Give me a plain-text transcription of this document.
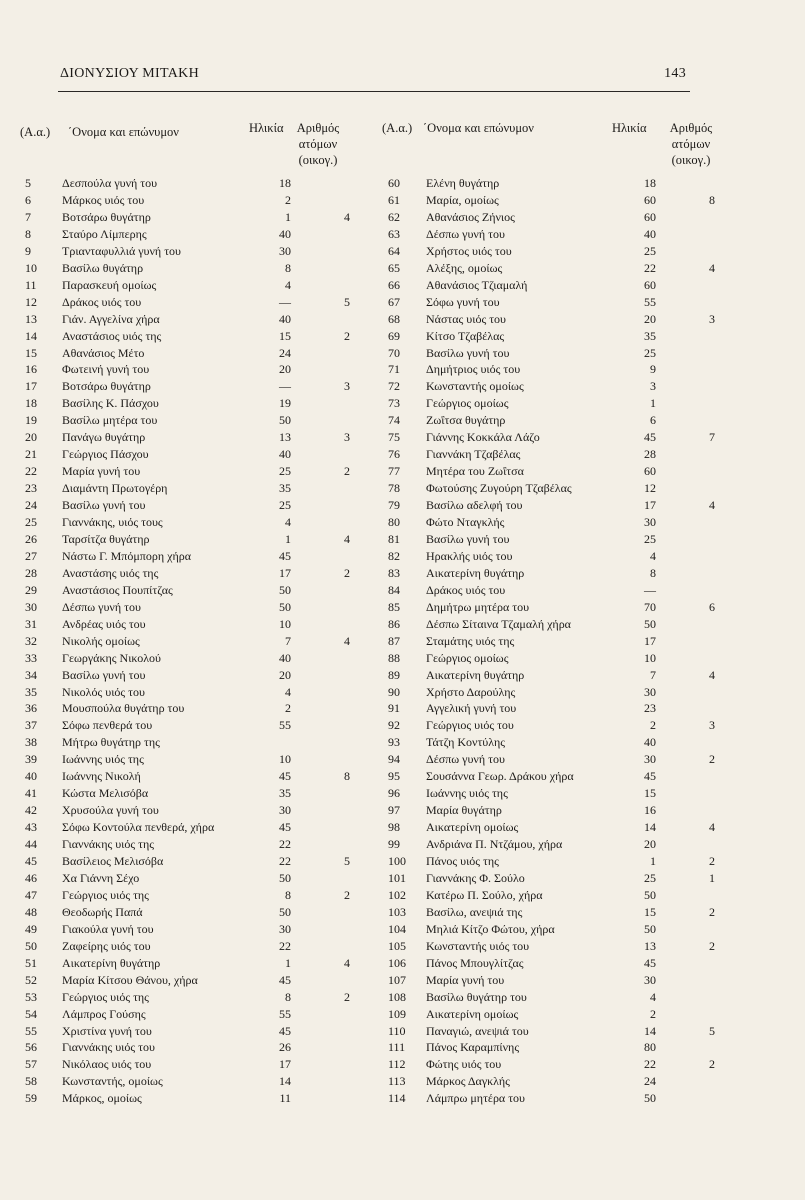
ΔΙΟΝΥΣΙΟΥ ΜΙΤΑΚΗ	143
(Α.α.) ΄Ονομα και επώνυμον	Ηλικία	Αριθμός
ατόμων
(οικογ.)
5	Δεσπούλα γυνή του	18
6	Μάρκος υιός του	2
7	Βοτσάρω θυγάτηρ	1	4
8	Σταύρο Λίμπερης	40
9	Τριανταφυλλιά γυνή του	30
10 Βασίλω θυγάτηρ	8
11 Παρασκευή ομοίως	4
12 Δράκος υιός του	—	5
13 Γιάν. Αγγελίνα χήρα	40
14 Αναστάσιος υιός της	15	2
15 Αθανάσιος Μέτο	24
16 Φωτεινή γυνή του	20
17 Βοτσάρω θυγάτηρ	—	3
18 Βασίλης Κ. Πάσχου	19
19 Βασίλω μητέρα του	50
20 Πανάγω θυγάτηρ	13	3
21 Γεώργιος Πάσχου	40
22 Μαρία γυνή του	25	2
23 Διαμάντη Πρωτογέρη	35
24 Βασίλω γυνή του	25
25 Γιαννάκης, υιός τους	4
26 Ταρσίτζα θυγάτηρ	1	4
27 Νάστω Γ. Μπόμπορη χήρα	45
28 Αναστάσης υιός της	17	2
29 Αναστάσιος Πουπίτζας	50
30 Δέσπω γυνή του	50
31 Ανδρέας υιός του	10
32 Νικολής ομοίως	7	4
33 Γεωργάκης Νικολού	40
34 Βασίλω γυνή του	20
35 Νικολός υιός του	4
36 Μουσπούλα θυγάτηρ του	2
37 Σόφω πενθερά του	55
38 Μήτρω θυγάτηρ της
39 Ιωάννης υιός της	10
40 Ιωάννης Νικολή	45	8
41 Κώστα Μελισόβα	35
42 Χρυσούλα γυνή του	30
43 Σόφω Κοντούλα πενθερά, χήρα	45
44 Γιαννάκης υιός της	22
45 Βασίλειος Μελισόβα	22	5
46 Χα Γιάννη Σέχο	50
47 Γεώργιος υιός της	8	2
48 Θεοδωρής Παπά	50
49 Γιακούλα γυνή του	30
50 Ζαφείρης υιός του	22
51 Αικατερίνη θυγάτηρ	1	4
52 Μαρία Κίτσου Θάνου, χήρα	45
53 Γεώργιος υιός της	8	2
54 Λάμπρος Γούσης	55
55 Χριστίνα γυνή του	45
56 Γιαννάκης υιός του	26
57 Νικόλαος υιός του	17
58 Κωνσταντής, ομοίως	14
59 Μάρκος, ομοίως	11
(Α.α.) ΄Ονομα και επώνυμον	Ηλικία	Αριθμός
ατόμων
(οικογ.)
60 Ελένη θυγάτηρ	18
61 Μαρία, ομοίως	60	8
62 Αθανάσιος Ζήνιος	60
63 Δέσπω γυνή του	40
64 Χρήστος υιός του	25
65 Αλέξης, ομοίως	22	4
66 Αθανάσιος Τζιαμαλή	60
67 Σόφω γυνή του	55
68 Νάστας υιός του	20	3
69 Κίτσο Τζαβέλας	35
70 Βασίλω γυνή του	25
71 Δημήτριος υιός του	9
72 Κωνσταντής ομοίως	3
73 Γεώργιος ομοίως	1
74 Ζωΐτσα θυγάτηρ	6
75 Γιάννης Κοκκάλα Λάζο	45	7
76 Γιαννάκη Τζαβέλας	28
77 Μητέρα του Ζωΐτσα	60
78 Φωτούσης Ζυγούρη Τζαβέλας	12
79 Βασίλω αδελφή του	17	4
80 Φώτο Νταγκλής	30
81 Βασίλω γυνή του	25
82 Ηρακλής υιός του	4
83 Αικατερίνη θυγάτηρ	8
84 Δράκος υιός του	—
85 Δημήτρω μητέρα του	70	6
86 Δέσπω Σίταινα Τζαμαλή χήρα	50
87 Σταμάτης υιός της	17
88 Γεώργιος ομοίως	10
89 Αικατερίνη θυγάτηρ	7	4
90 Χρήστο Δαρούλης	30
91 Αγγελική γυνή του	23
92 Γεώργιος υιός του	2	3
93 Τάτζη Κοντύλης	40
94 Δέσπω γυνή του	30	2
95 Σουσάννα Γεωρ. Δράκου χήρα	45
96 Ιωάννης υιός της	15
97 Μαρία θυγάτηρ	16
98 Αικατερίνη ομοίως	14	4
99 Ανδριάνα Π. Ντζάμου, χήρα	20
100 Πάνος υιός της	1	2
101 Γιαννάκης Φ. Σούλο	25	1
102 Κατέρω Π. Σούλο, χήρα	50
103 Βασίλω, ανεψιά της	15	2
104 Μηλιά Κίτζο Φώτου, χήρα	50
105 Κωνσταντής υιός του	13	2
106 Πάνος Μπουγλίτζας	45
107 Μαρία γυνή του	30
108 Βασίλω θυγάτηρ του	4
109 Αικατερίνη ομοίως	2
110 Παναγιώ, ανεψιά του	14	5
111 Πάνος Καραμπίνης	80
112 Φώτης υιός του	22	2
113 Μάρκος Δαγκλής	24
114 Λάμπρω μητέρα του	50
